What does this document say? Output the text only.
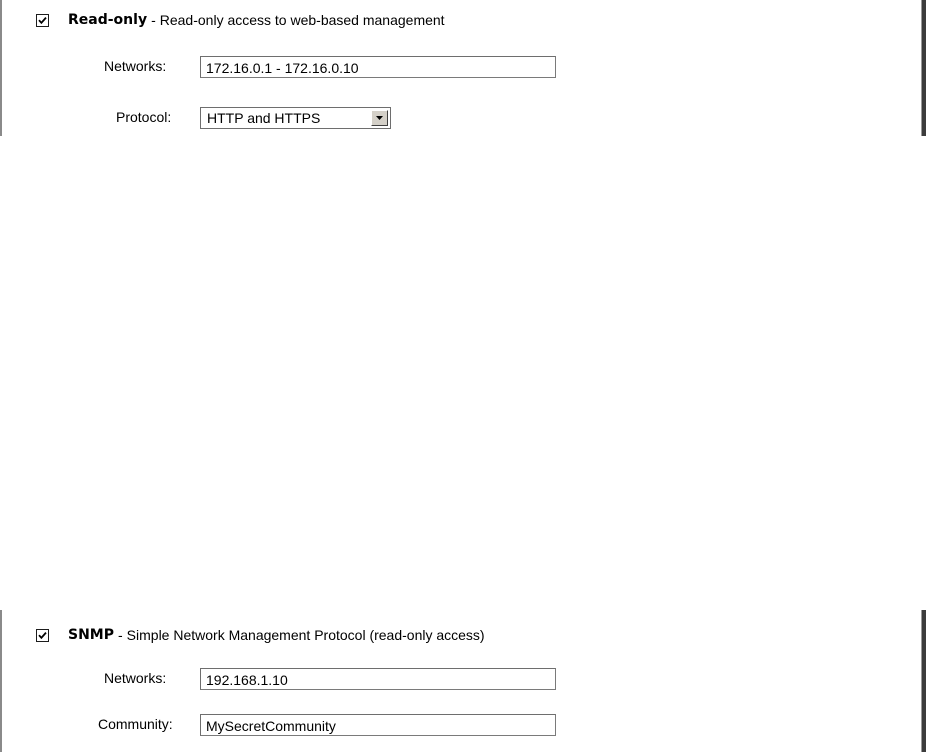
Read-only - Read-only access to web-based management
Networks:
172.16.0.1 - 172.16.0.10
Protocol:	HTTP and HTTPS
SNMP - Simple Network Management Protocol (read-only access)
Networks:
192.168.1.10
Community:
MySecretCommunity
